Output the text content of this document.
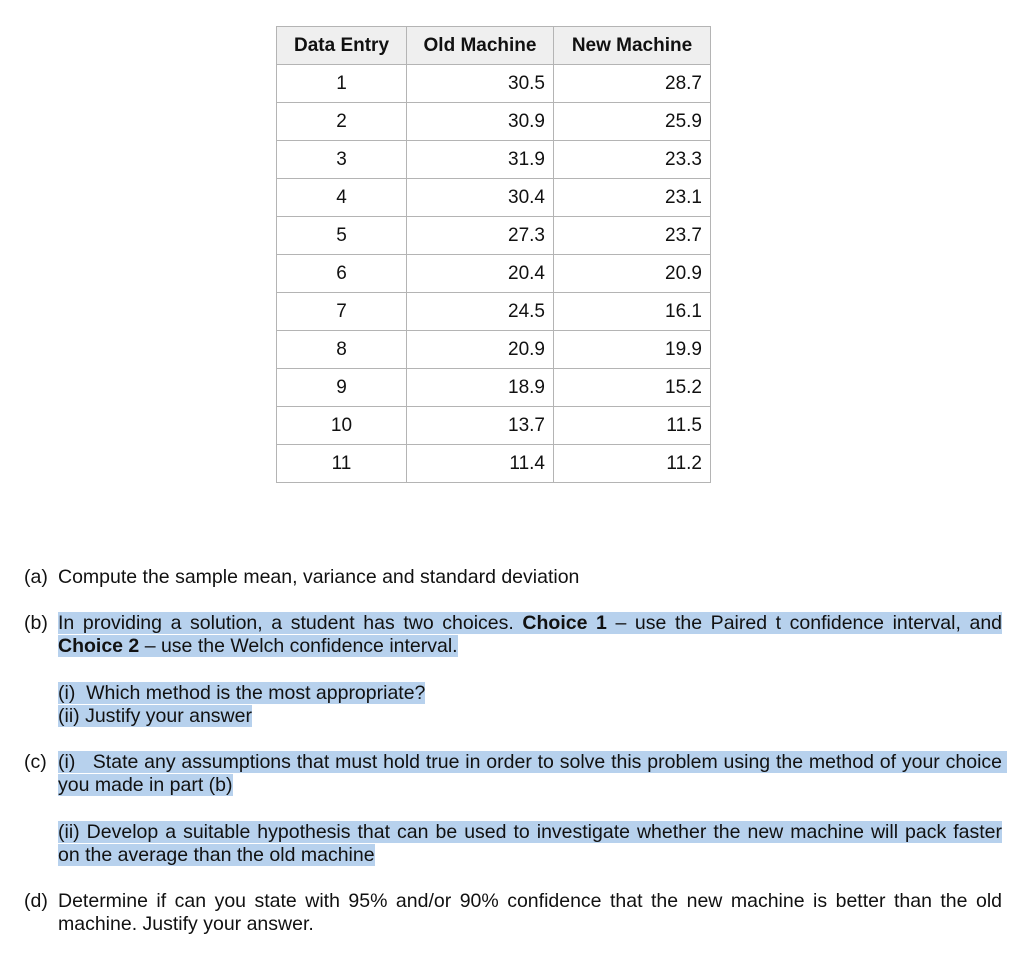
Data Entry	Old Machine	New Machine
1	30.5	28.7
2	30.9	25.9
3	31.9	23.3
4	30.4	23.1
5	27.3	23.7
6	20.4	20.9
7	24.5	16.1
8	20.9	19.9
9	18.9	15.2
10	13.7	11.5
11	11.4	11.2
(a) Compute the sample mean, variance and standard deviation
(b) In providing a solution, a student has two choices. Choice 1 – use the Paired t confidence interval, and Choice 2 – use the Welch confidence interval.
(i)  Which method is the most appropriate?
(ii) Justify your answer
(c) (i)   State any assumptions that must hold true in order to solve this problem using the method of your choice you made in part (b)
(ii) Develop a suitable hypothesis that can be used to investigate whether the new machine will pack faster on the average than the old machine
(d) Determine if can you state with 95% and/or 90% confidence that the new machine is better than the old machine. Justify your answer.
